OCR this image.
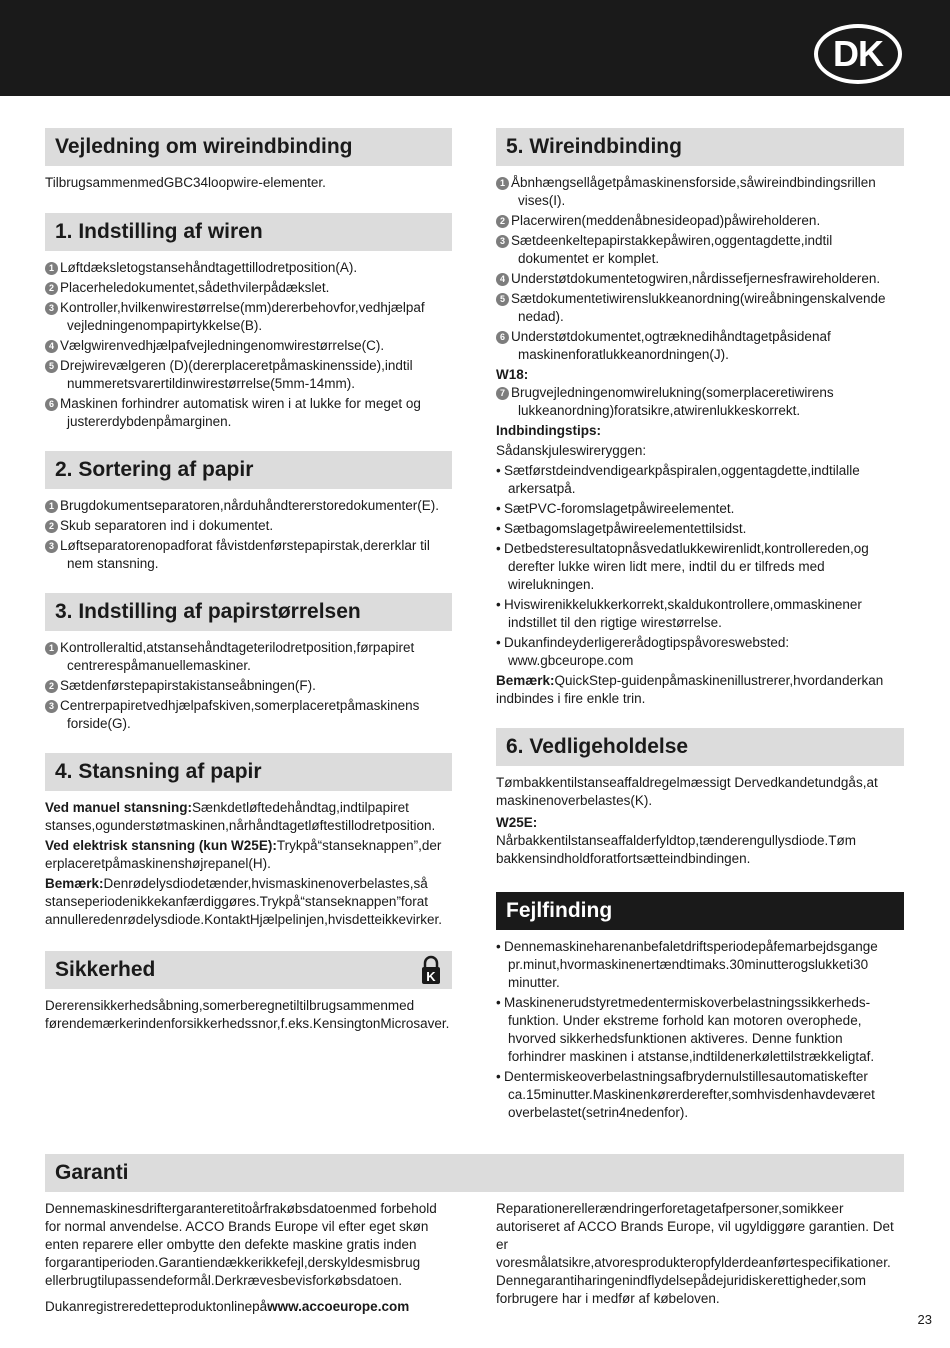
DK
Vejledning om wireindbinding

TilbrugsammenmedGBC34loopwire-elementer.

1. Indstilling af wiren
1 Løftdæksletogstansehåndtagettillodretposition(A).
2 Placerheledokumentet,sådethvilerpådækslet.
3 Kontroller,hvilkenwirestørrelse(mm)dererbehovfor,vedhjælpaf vejledningenompapirtykkelse(B).
4 Vælgwirenvedhjælpafvejledningenomwirestørrelse(C).
5 Drejwirevælgeren (D)(dererplaceretpåmaskinensside),indtil nummeretsvarertildinwirestørrelse(5mm-14mm).
6 Maskinen forhindrer automatisk wiren i at lukke for meget og justererdybdenpåmarginen.
2. Sortering af papir
1 Brugdokumentseparatoren,nårduhåndtererstoredokumenter(E).
2 Skub separatoren ind i dokumentet.
3 Løftseparatorenopadforat fåvistdenførstepapirstak,dererklar til nem stansning.
3. Indstilling af papirstørrelsen
1 Kontrolleraltid,atstansehåndtageterilodretposition,førpapiret centrerespåmanuellemaskiner.
2 Sætdenførstepapirstakistanseåbningen(F).
3 Centrerpapiretvedhjælpafskiven,somerplaceretpåmaskinens forside(G).
4. Stansning af papir

Ved manuel stansning:Sænkdetløftedehåndtag,indtilpapiret stanses,ogunderstøtmaskinen,nårhåndtagetløftestillodretposition.

Ved elektrisk stansning (kun W25E):Trykpå“stanseknappen”,der erplaceretpåmaskinenshøjrepanel(H).

Bemærk:Denrødelysdiodetænder,hvismaskinenoverbelastes,så stanseperiodenikkekanfærdiggøres.Trykpå“stanseknappen”forat annulleredenrødelysdiode.KontaktHjælpelinjen,hvisdetteikkevirker.

Sikkerhed	K

Dererensikkerhedsåbning,somerberegnetiltilbrugsammenmed førendemærkerindenforsikkerhedssnor,f.eks.KensingtonMicrosaver.

5. Wireindbinding
1 Åbnhængsellågetpåmaskinensforside,såwireindbindingsrillen vises(I).
2 Placerwiren(meddenåbnesideopad)påwireholderen.
3 Sætdeenkeltepapirstakkepåwiren,oggentagdette,indtil dokumentet er komplet.
4 Understøtdokumentetogwiren,nårdissefjernesfrawireholderen.
5 Sætdokumentetiwirenslukkeanordning(wireåbningenskalvende nedad).
6 Understøtdokumentet,ogtræknedihåndtagetpåsidenaf maskinenforatlukkeanordningen(J).

W18:

7 Brugvejledningenomwirelukning(somerplaceretiwirens lukkeanordning)foratsikre,atwirenlukkeskorrekt.

Indbindingstips:

Sådanskjuleswireryggen:

• Sætførstdeindvendigearkpåspiralen,oggentagdette,indtilalle arkersatpå.
• SætPVC-foromslagetpåwireelementet.
• Sætbagomslagetpåwireelementettilsidst.
• Detbedsteresultatopnåsvedatlukkewirenlidt,kontrollereden,og derefter lukke wiren lidt mere, indtil du er tilfreds med wirelukningen.
• Hviswirenikkelukkerkorrekt,skaldukontrollere,ommaskinener indstillet til den rigtige wirestørrelse.
• Dukanfindeyderligererådogtipspåvoreswebsted: www.gbceurope.com

Bemærk:QuickStep-guidenpåmaskinenillustrerer,hvordanderkan indbindes i fire enkle trin.

6. Vedligeholdelse

Tømbakkentilstanseaffaldregelmæssigt Dervedkandetundgås,at maskinenoverbelastes(K).

W25E:

Nårbakkentilstanseaffalderfyldtop,tænderengullysdiode.Tøm bakkensindholdforatfortsætteindbindingen.

Fejlfinding
• Dennemaskineharenanbefaletdriftsperiodepåfemarbejdsgange pr.minut,hvormaskinenertændtimaks.30minutterogslukketi30 minutter.
• Maskinenerudstyretmedentermiskoverbelastningssikkerheds- funktion. Under ekstreme forhold kan motoren overophede, hvorved sikkerhedsfunktionen aktiveres. Denne funktion forhindrer maskinen i atstanse,indtildenerkølettilstrækkeligtaf.
• Dentermiskeoverbelastningsafbrydernulstillesautomatiskefter ca.15minutter.Maskinenkørerderefter,somhvisdenhavdeværet overbelastet(setrin4nedenfor).
Garanti

Dennemaskinesdriftergaranteretitoårfrakøbsdatoenmed forbehold for normal anvendelse. ACCO Brands Europe vil efter eget skøn enten reparere eller ombytte den defekte maskine gratis inden forgarantiperioden.Garantiendækkerikkefejl,derskyldesmisbrug ellerbrugtilupassendeformål.Derkrævesbevisforkøbsdatoen.

Dukanregistreredetteproduktonlinepåwww.accoeurope.com

Reparationerellerændringerforetagetafpersoner,somikkeer autoriseret af ACCO Brands Europe, vil ugyldiggøre garantien. Det er voresmålatsikre,atvoresprodukteropfylderdeanførtespecifikationer. Dennegarantiharingenindflydelsepådejuridiskerettigheder,som forbrugere har i medfør af købeloven.

23
